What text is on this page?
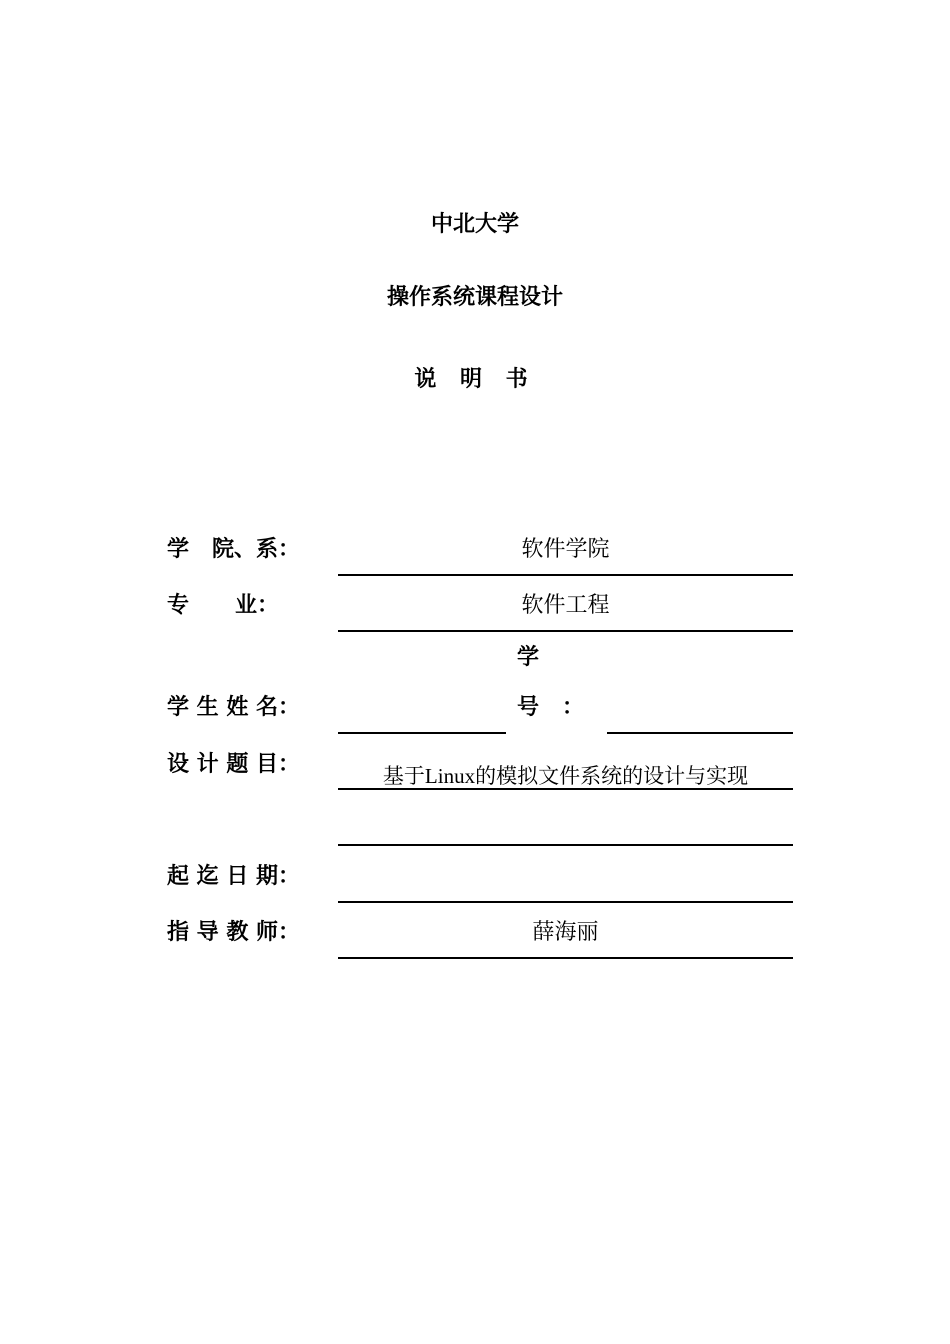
中北大学
操作系统课程设计
说 明 书
学   院、系：	软件学院
专      业：	软件工程
学 生 姓 名：
学
号   ：
设 计 题 目：	基于Linux的模拟文件系统的设计与实现
起 迄 日 期：
指 导 教 师：	薛海丽
